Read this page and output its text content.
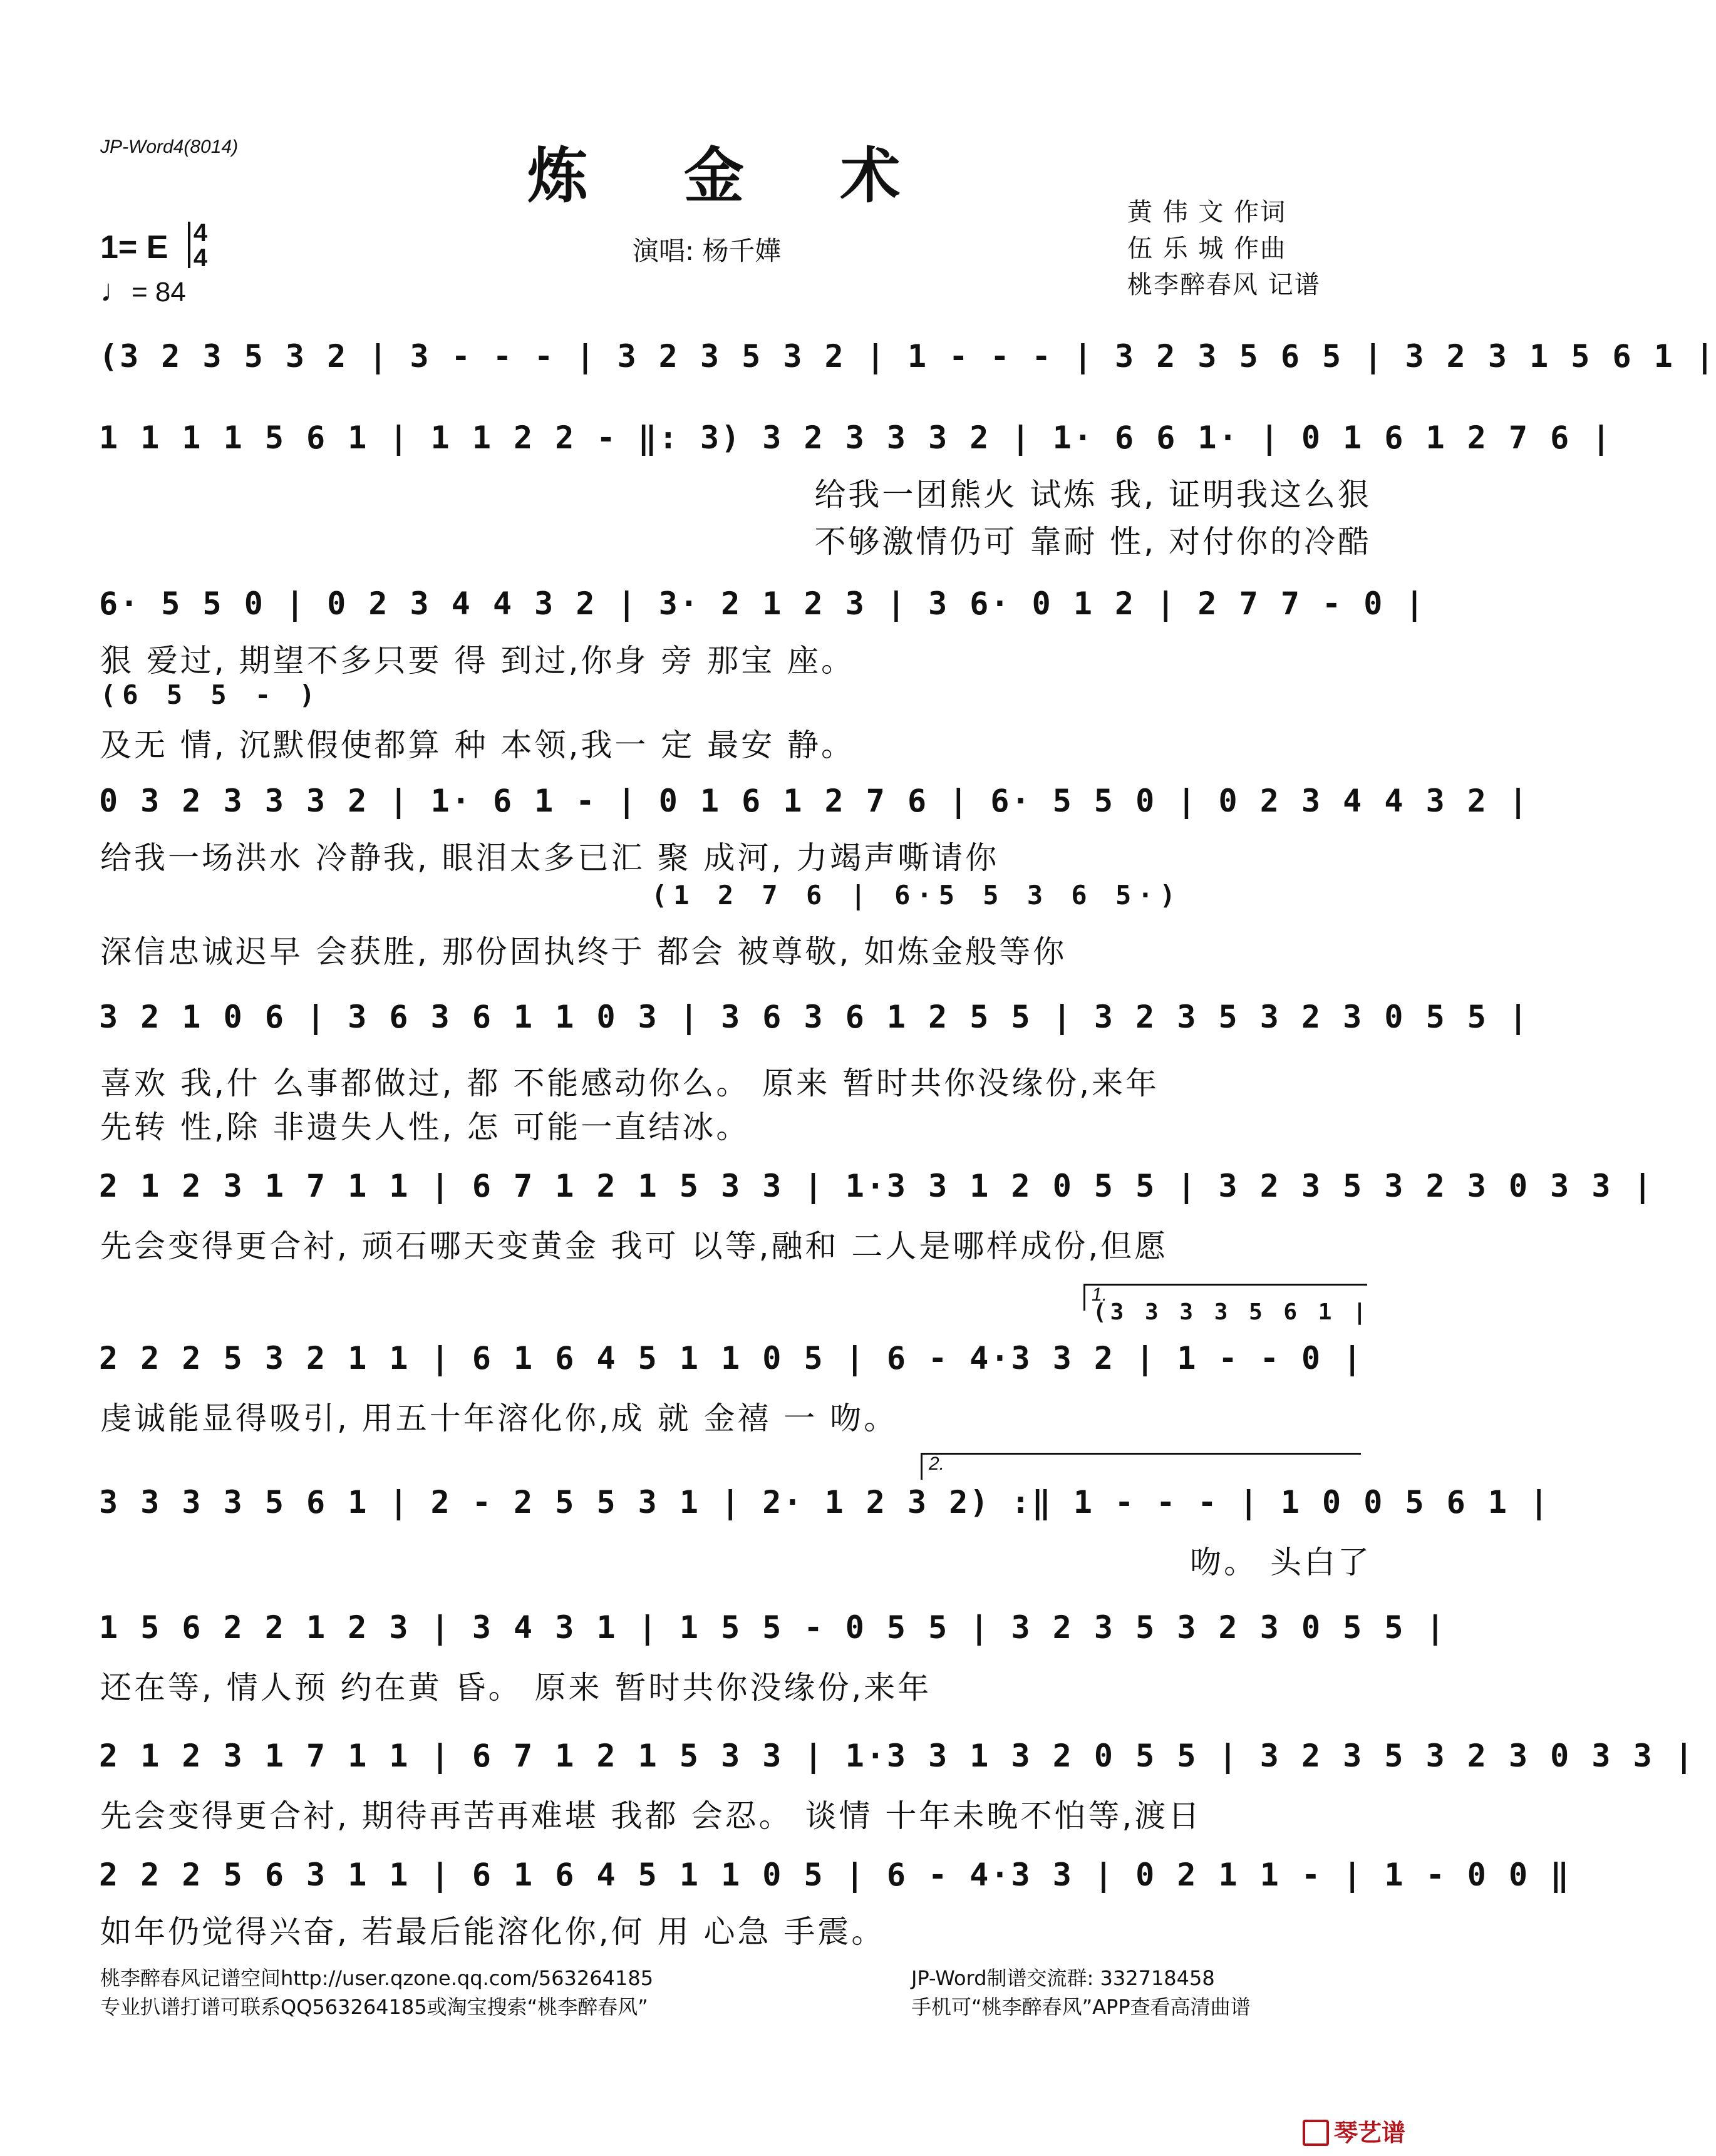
JP-Word4(8014)	炼 金 术
黄 伟 文 作词
伍 乐 城 作曲
桃李醉春风 记谱
1= E 4
4
♩= 84
演唱: 杨千嬅
(3 2 3 5 3 2 | 3 - - - | 3 2 3 5 3 2 | 1 - - - | 3 2 3 5 6 5 | 3 2 3 1 5 6 1 |
1 1 1 1 5 6 1 | 1 1 2 2 - ‖: 3) 3 2 3 3 3 2 | 1· 6 6 1· | 0 1 6 1 2 7 6 |
给我一团熊火 试炼 我, 证明我这么狠
不够激情仍可 靠耐 性, 对付你的冷酷
6· 5 5 0 | 0 2 3 4 4 3 2 | 3· 2 1 2 3 | 3 6· 0 1 2 | 2 7 7 - 0 |
狠 爱过, 期望不多只要 得 到过,你身 旁 那宝 座。
(6 5 5 - )
及无 情, 沉默假使都算 种 本领,我一 定 最安 静。
0 3 2 3 3 3 2 | 1· 6 1 - | 0 1 6 1 2 7 6 | 6· 5 5 0 | 0 2 3 4 4 3 2 |
给我一场洪水 冷静我, 眼泪太多已汇 聚 成河, 力竭声嘶请你
(1 2 7 6 | 6·5 5 3 6 5·)
深信忠诚迟早 会获胜, 那份固执终于 都会 被尊敬, 如炼金般等你
3 2 1 0 6 | 3 6 3 6 1 1 0 3 | 3 6 3 6 1 2 5 5 | 3 2 3 5 3 2 3 0 5 5 |
喜欢 我,什 么事都做过, 都 不能感动你么。 原来 暂时共你没缘份,来年
先转 性,除 非遗失人性, 怎 可能一直结冰。
2 1 2 3 1 7 1 1 | 6 7 1 2 1 5 3 3 | 1·3 3 1 2 0 5 5 | 3 2 3 5 3 2 3 0 3 3 |
先会变得更合衬, 顽石哪天变黄金 我可 以等,融和 二人是哪样成份,但愿
1.
(3 3 3 3 5 6 1 |
2 2 2 5 3 2 1 1 | 6 1 6 4 5 1 1 0 5 | 6 - 4·3 3 2 | 1 - - 0 |
虔诚能显得吸引, 用五十年溶化你,成 就 金禧 一 吻。
2.
3 3 3 3 5 6 1 | 2 - 2 5 5 3 1 | 2· 1 2 3 2) :‖ 1 - - - | 1 0 0 5 6 1 |
吻。 头白了
1 5 6 2 2 1 2 3 | 3 4 3 1 | 1 5 5 - 0 5 5 | 3 2 3 5 3 2 3 0 5 5 |
还在等, 情人预 约在黄 昏。 原来 暂时共你没缘份,来年
2 1 2 3 1 7 1 1 | 6 7 1 2 1 5 3 3 | 1·3 3 1 3 2 0 5 5 | 3 2 3 5 3 2 3 0 3 3 |
先会变得更合衬, 期待再苦再难堪 我都 会忍。 谈情 十年未晚不怕等,渡日
2 2 2 5 6 3 1 1 | 6 1 6 4 5 1 1 0 5 | 6 - 4·3 3 | 0 2 1 1 - | 1 - 0 0 ‖
如年仍觉得兴奋, 若最后能溶化你,何 用 心急 手震。
桃李醉春风记谱空间http://user.qzone.qq.com/563264185
专业扒谱打谱可联系QQ563264185或淘宝搜索“桃李醉春风”
JP-Word制谱交流群: 332718458
手机可“桃李醉春风”APP查看高清曲谱
琴艺谱
